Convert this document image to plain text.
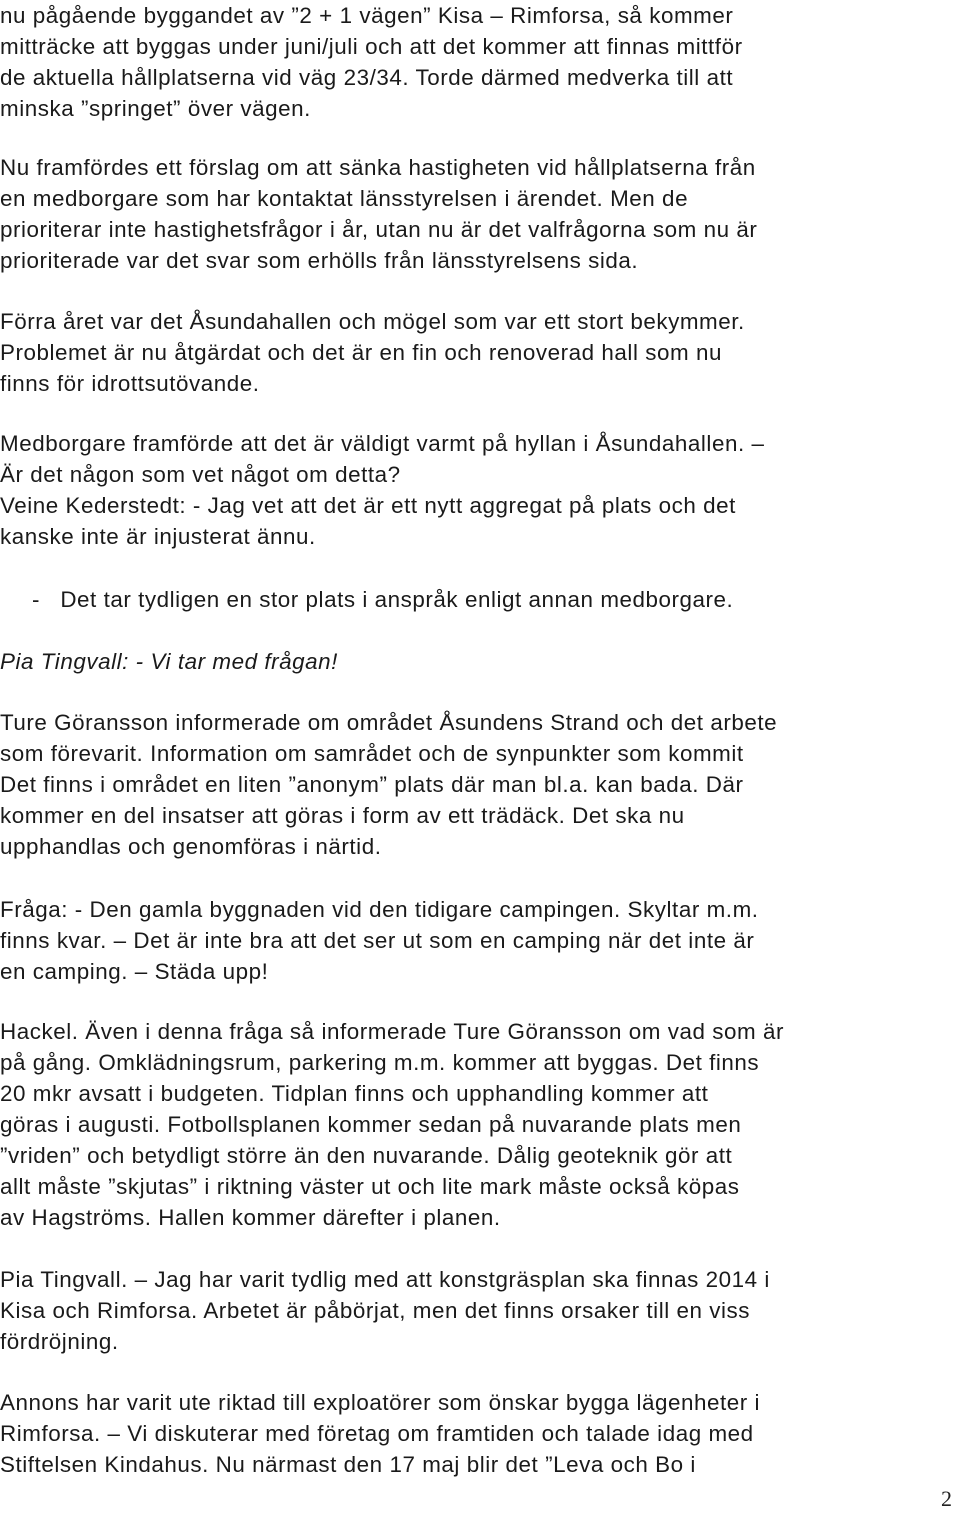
nu pågående byggandet av ”2 + 1 vägen” Kisa – Rimforsa, så kommer
mitträcke att byggas under juni/juli och att det kommer att finnas mittför
de aktuella hållplatserna vid väg 23/34. Torde därmed medverka till att
minska ”springet” över vägen.
Nu framfördes ett förslag om att sänka hastigheten vid hållplatserna från
en medborgare som har kontaktat länsstyrelsen i ärendet. Men de
prioriterar inte hastighetsfrågor i år, utan nu är det valfrågorna som nu är
prioriterade var det svar som erhölls från länsstyrelsens sida.
Förra året var det Åsundahallen och mögel som var ett stort bekymmer.
Problemet är nu åtgärdat och det är en fin och renoverad hall som nu
finns för idrottsutövande.
Medborgare framförde att det är väldigt varmt på hyllan i Åsundahallen. –
Är det någon som vet något om detta?
Veine Kederstedt: - Jag vet att det är ett nytt aggregat på plats och det
kanske inte är injusterat ännu.
-   Det tar tydligen en stor plats i anspråk enligt annan medborgare.
Pia Tingvall: - Vi tar med frågan!
Ture Göransson informerade om området Åsundens Strand och det arbete
som förevarit. Information om samrådet och de synpunkter som kommit
Det finns i området en liten ”anonym” plats där man bl.a. kan bada. Där
kommer en del insatser att göras i form av ett trädäck. Det ska nu
upphandlas och genomföras i närtid.
Fråga: - Den gamla byggnaden vid den tidigare campingen. Skyltar m.m.
finns kvar. – Det är inte bra att det ser ut som en camping när det inte är
en camping. – Städa upp!
Hackel. Även i denna fråga så informerade Ture Göransson om vad som är
på gång. Omklädningsrum, parkering m.m. kommer att byggas. Det finns
20 mkr avsatt i budgeten. Tidplan finns och upphandling kommer att
göras i augusti. Fotbollsplanen kommer sedan på nuvarande plats men
”vriden” och betydligt större än den nuvarande. Dålig geoteknik gör att
allt måste ”skjutas” i riktning väster ut och lite mark måste också köpas
av Hagströms. Hallen kommer därefter i planen.
Pia Tingvall. – Jag har varit tydlig med att konstgräsplan ska finnas 2014 i
Kisa och Rimforsa. Arbetet är påbörjat, men det finns orsaker till en viss
fördröjning.
Annons har varit ute riktad till exploatörer som önskar bygga lägenheter i
Rimforsa. – Vi diskuterar med företag om framtiden och talade idag med
Stiftelsen Kindahus. Nu närmast den 17 maj blir det ”Leva och Bo i
2
